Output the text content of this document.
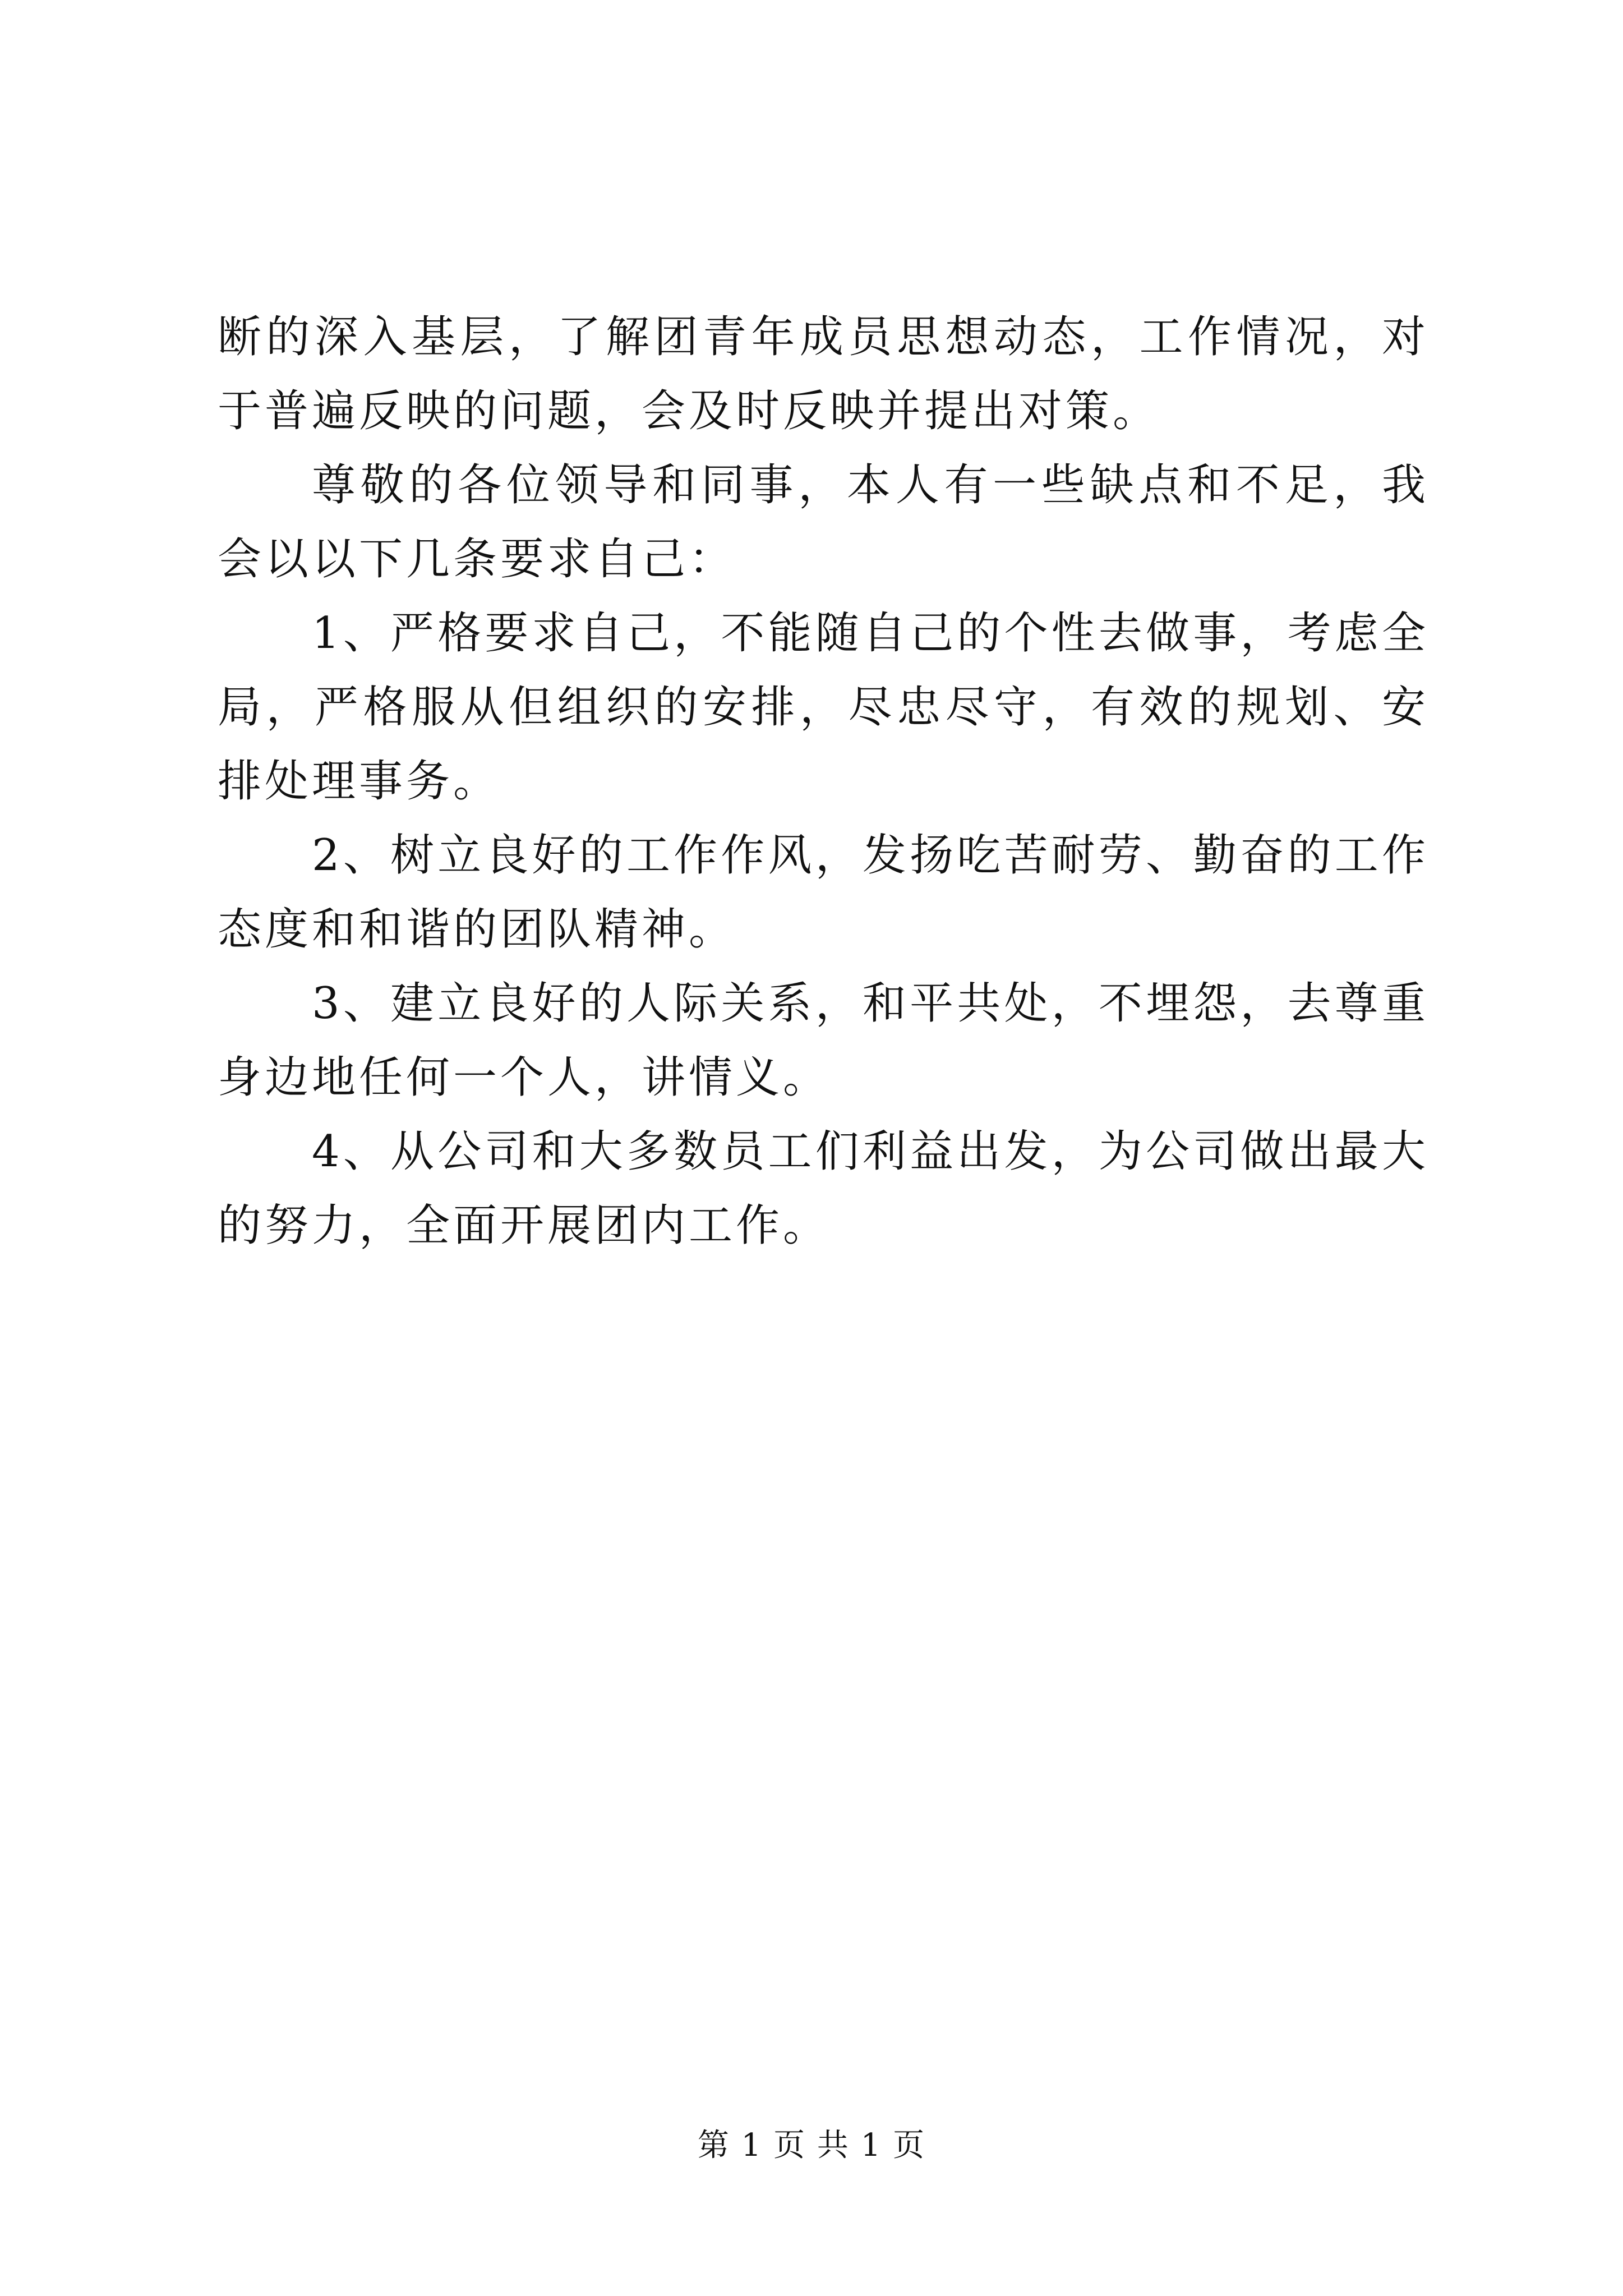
断的深入基层，了解团青年成员思想动态，工作情况，对于普遍反映的问题，会及时反映并提出对策。

尊敬的各位领导和同事，本人有一些缺点和不足，我会以以下几条要求自己：

1、严格要求自己，不能随自己的个性去做事，考虑全局，严格服从但组织的安排，尽忠尽守，有效的规划、安排处理事务。

2、树立良好的工作作风，发扬吃苦耐劳、勤奋的工作态度和和谐的团队精神。

3、建立良好的人际关系，和平共处，不埋怨，去尊重身边地任何一个人，讲情义。

4、从公司和大多数员工们利益出发，为公司做出最大的努力，全面开展团内工作。

第 1 页 共 1 页
